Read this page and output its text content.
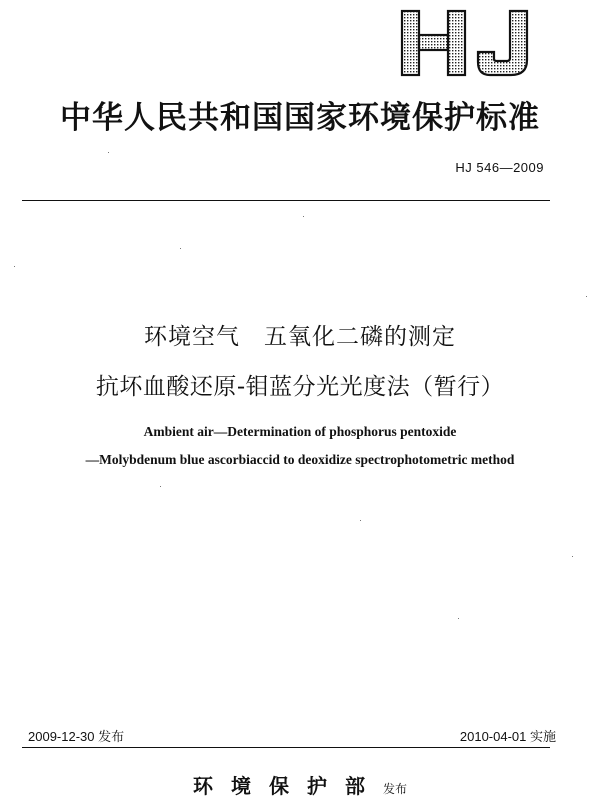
中华人民共和国国家环境保护标准
HJ 546—2009
环境空气　五氧化二磷的测定
抗坏血酸还原-钼蓝分光光度法（暂行）
Ambient air—Determination of phosphorus pentoxide
—Molybdenum blue ascorbiaccid to deoxidize spectrophotometric method
2009-12-30 发布	2010-04-01 实施
环境保护部发布
